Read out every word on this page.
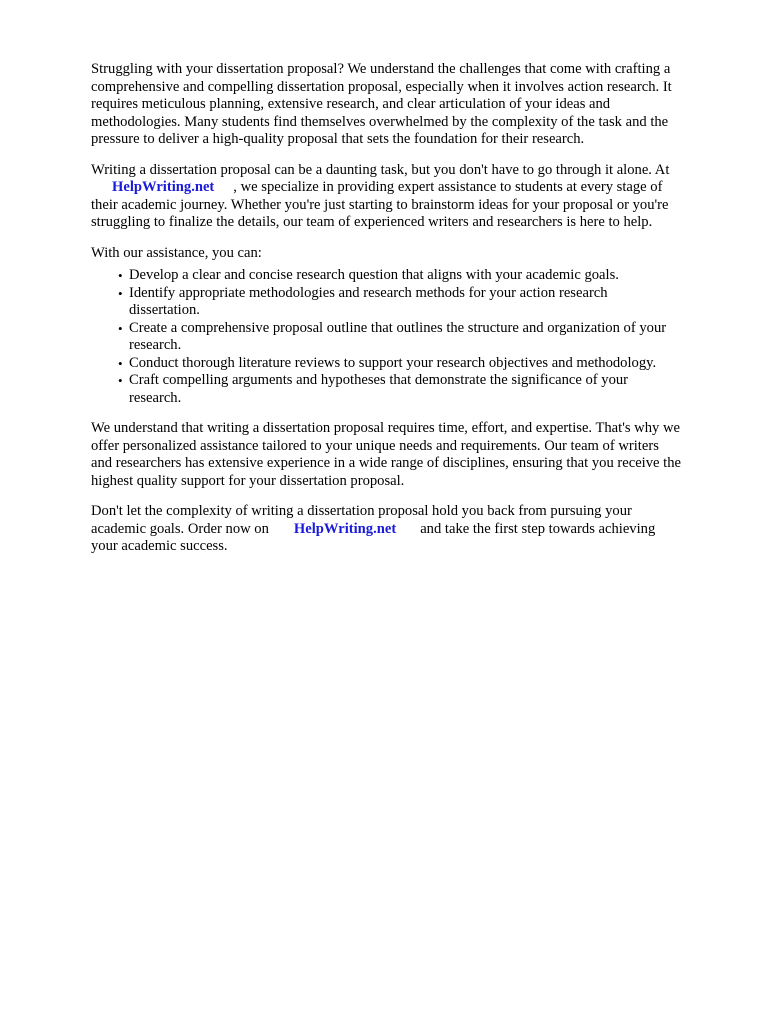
Struggling with your dissertation proposal? We understand the challenges that come with crafting a
comprehensive and compelling dissertation proposal, especially when it involves action research. It
requires meticulous planning, extensive research, and clear articulation of your ideas and
methodologies. Many students find themselves overwhelmed by the complexity of the task and the
pressure to deliver a high-quality proposal that sets the foundation for their research.

Writing a dissertation proposal can be a daunting task, but you don't have to go through it alone. At
HelpWriting.net , we specialize in providing expert assistance to students at every stage of
their academic journey. Whether you're just starting to brainstorm ideas for your proposal or you're
struggling to finalize the details, our team of experienced writers and researchers is here to help.

With our assistance, you can:

• Develop a clear and concise research question that aligns with your academic goals.
• Identify appropriate methodologies and research methods for your action research
dissertation.
• Create a comprehensive proposal outline that outlines the structure and organization of your
research.
• Conduct thorough literature reviews to support your research objectives and methodology.
• Craft compelling arguments and hypotheses that demonstrate the significance of your
research.

We understand that writing a dissertation proposal requires time, effort, and expertise. That's why we
offer personalized assistance tailored to your unique needs and requirements. Our team of writers
and researchers has extensive experience in a wide range of disciplines, ensuring that you receive the
highest quality support for your dissertation proposal.

Don't let the complexity of writing a dissertation proposal hold you back from pursuing your
academic goals. Order now on HelpWriting.net and take the first step towards achieving
your academic success.
